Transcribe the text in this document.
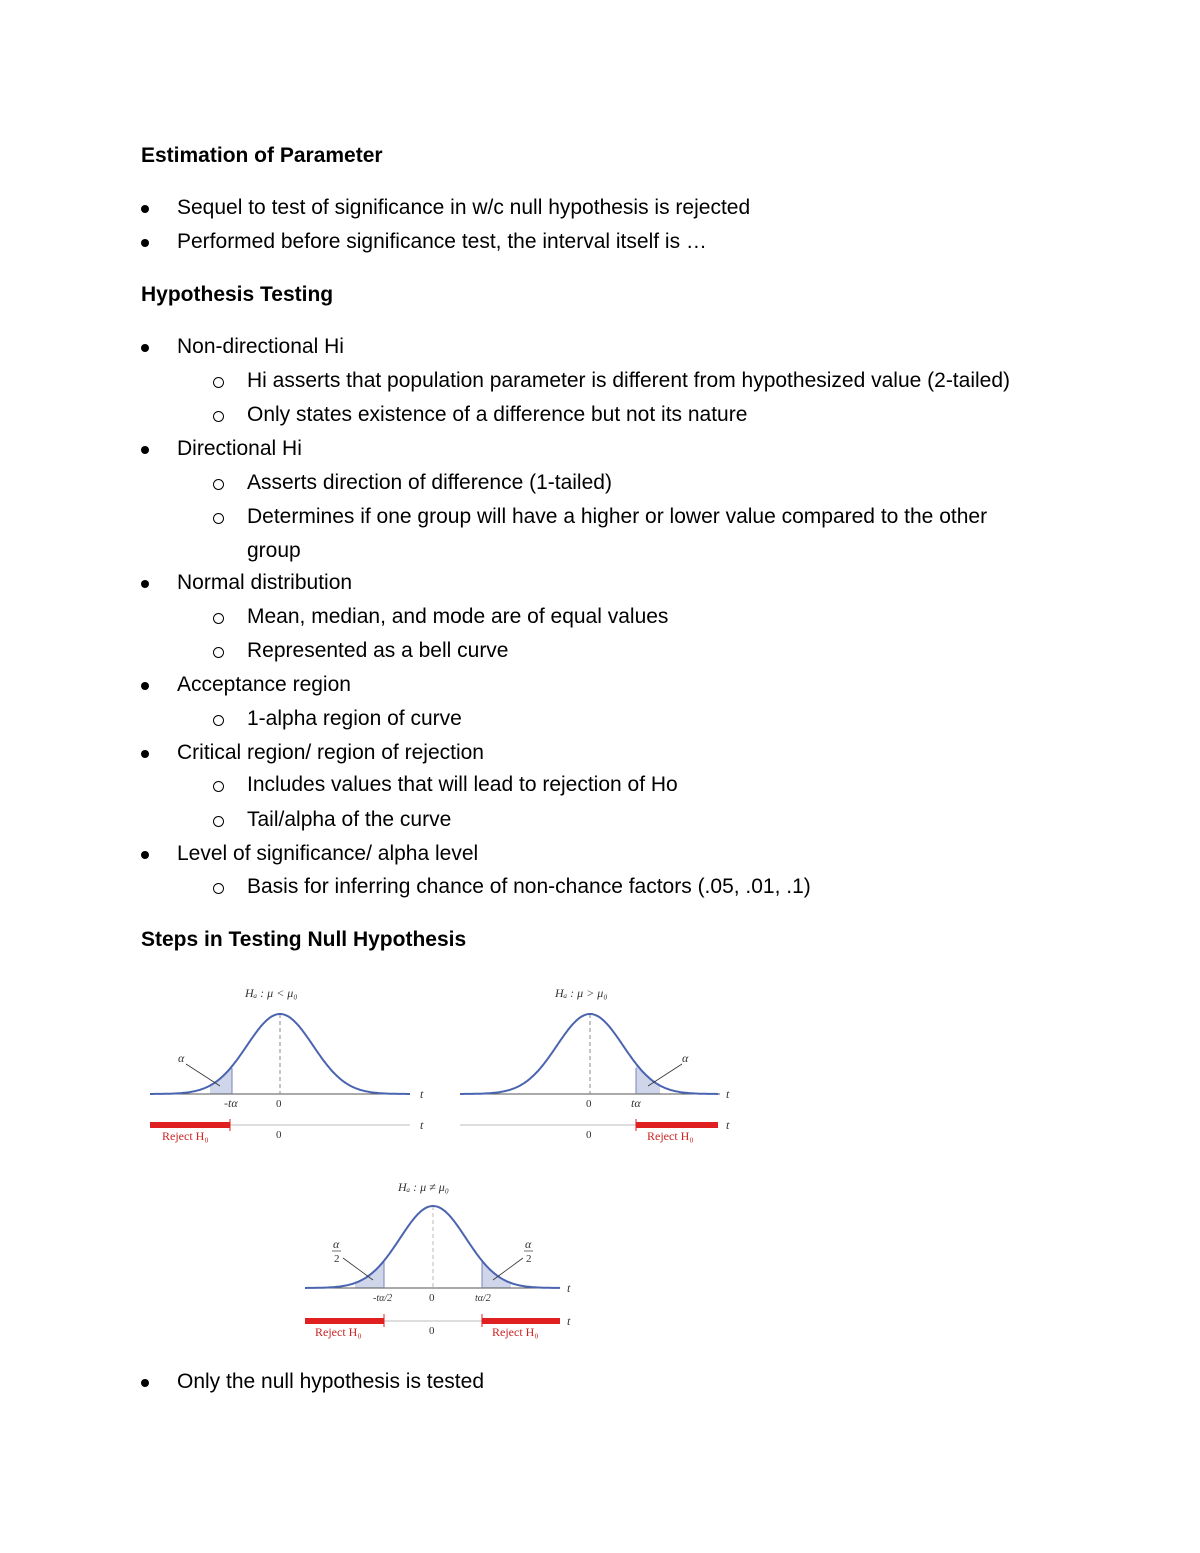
Estimation of Parameter
Sequel to test of significance in w/c null hypothesis is rejected
Performed before significance test, the interval itself is …
Hypothesis Testing
Non-directional Hi
Hi asserts that population parameter is different from hypothesized value (2-tailed)
Only states existence of a difference but not its nature
Directional Hi
Asserts direction of difference (1-tailed)
Determines if one group will have a higher or lower value compared to the other
group
Normal distribution
Mean, median, and mode are of equal values
Represented as a bell curve
Acceptance region
1-alpha region of curve
Critical region/ region of rejection
Includes values that will lead to rejection of Ho
Tail/alpha of the curve
Level of significance/ alpha level
Basis for inferring chance of non-chance factors (.05, .01, .1)
Steps in Testing Null Hypothesis
Hₐ : μ < μ₀
α
t
-tα	0
t
Reject H₀	0
Hₐ : μ > μ₀
α
t
0	tα
t
0	Reject H₀
Hₐ : μ ≠ μ₀
α
2
α
2
t
-tα/2	0	tα/2
t
Reject H₀	0	Reject H₀
Only the null hypothesis is tested
